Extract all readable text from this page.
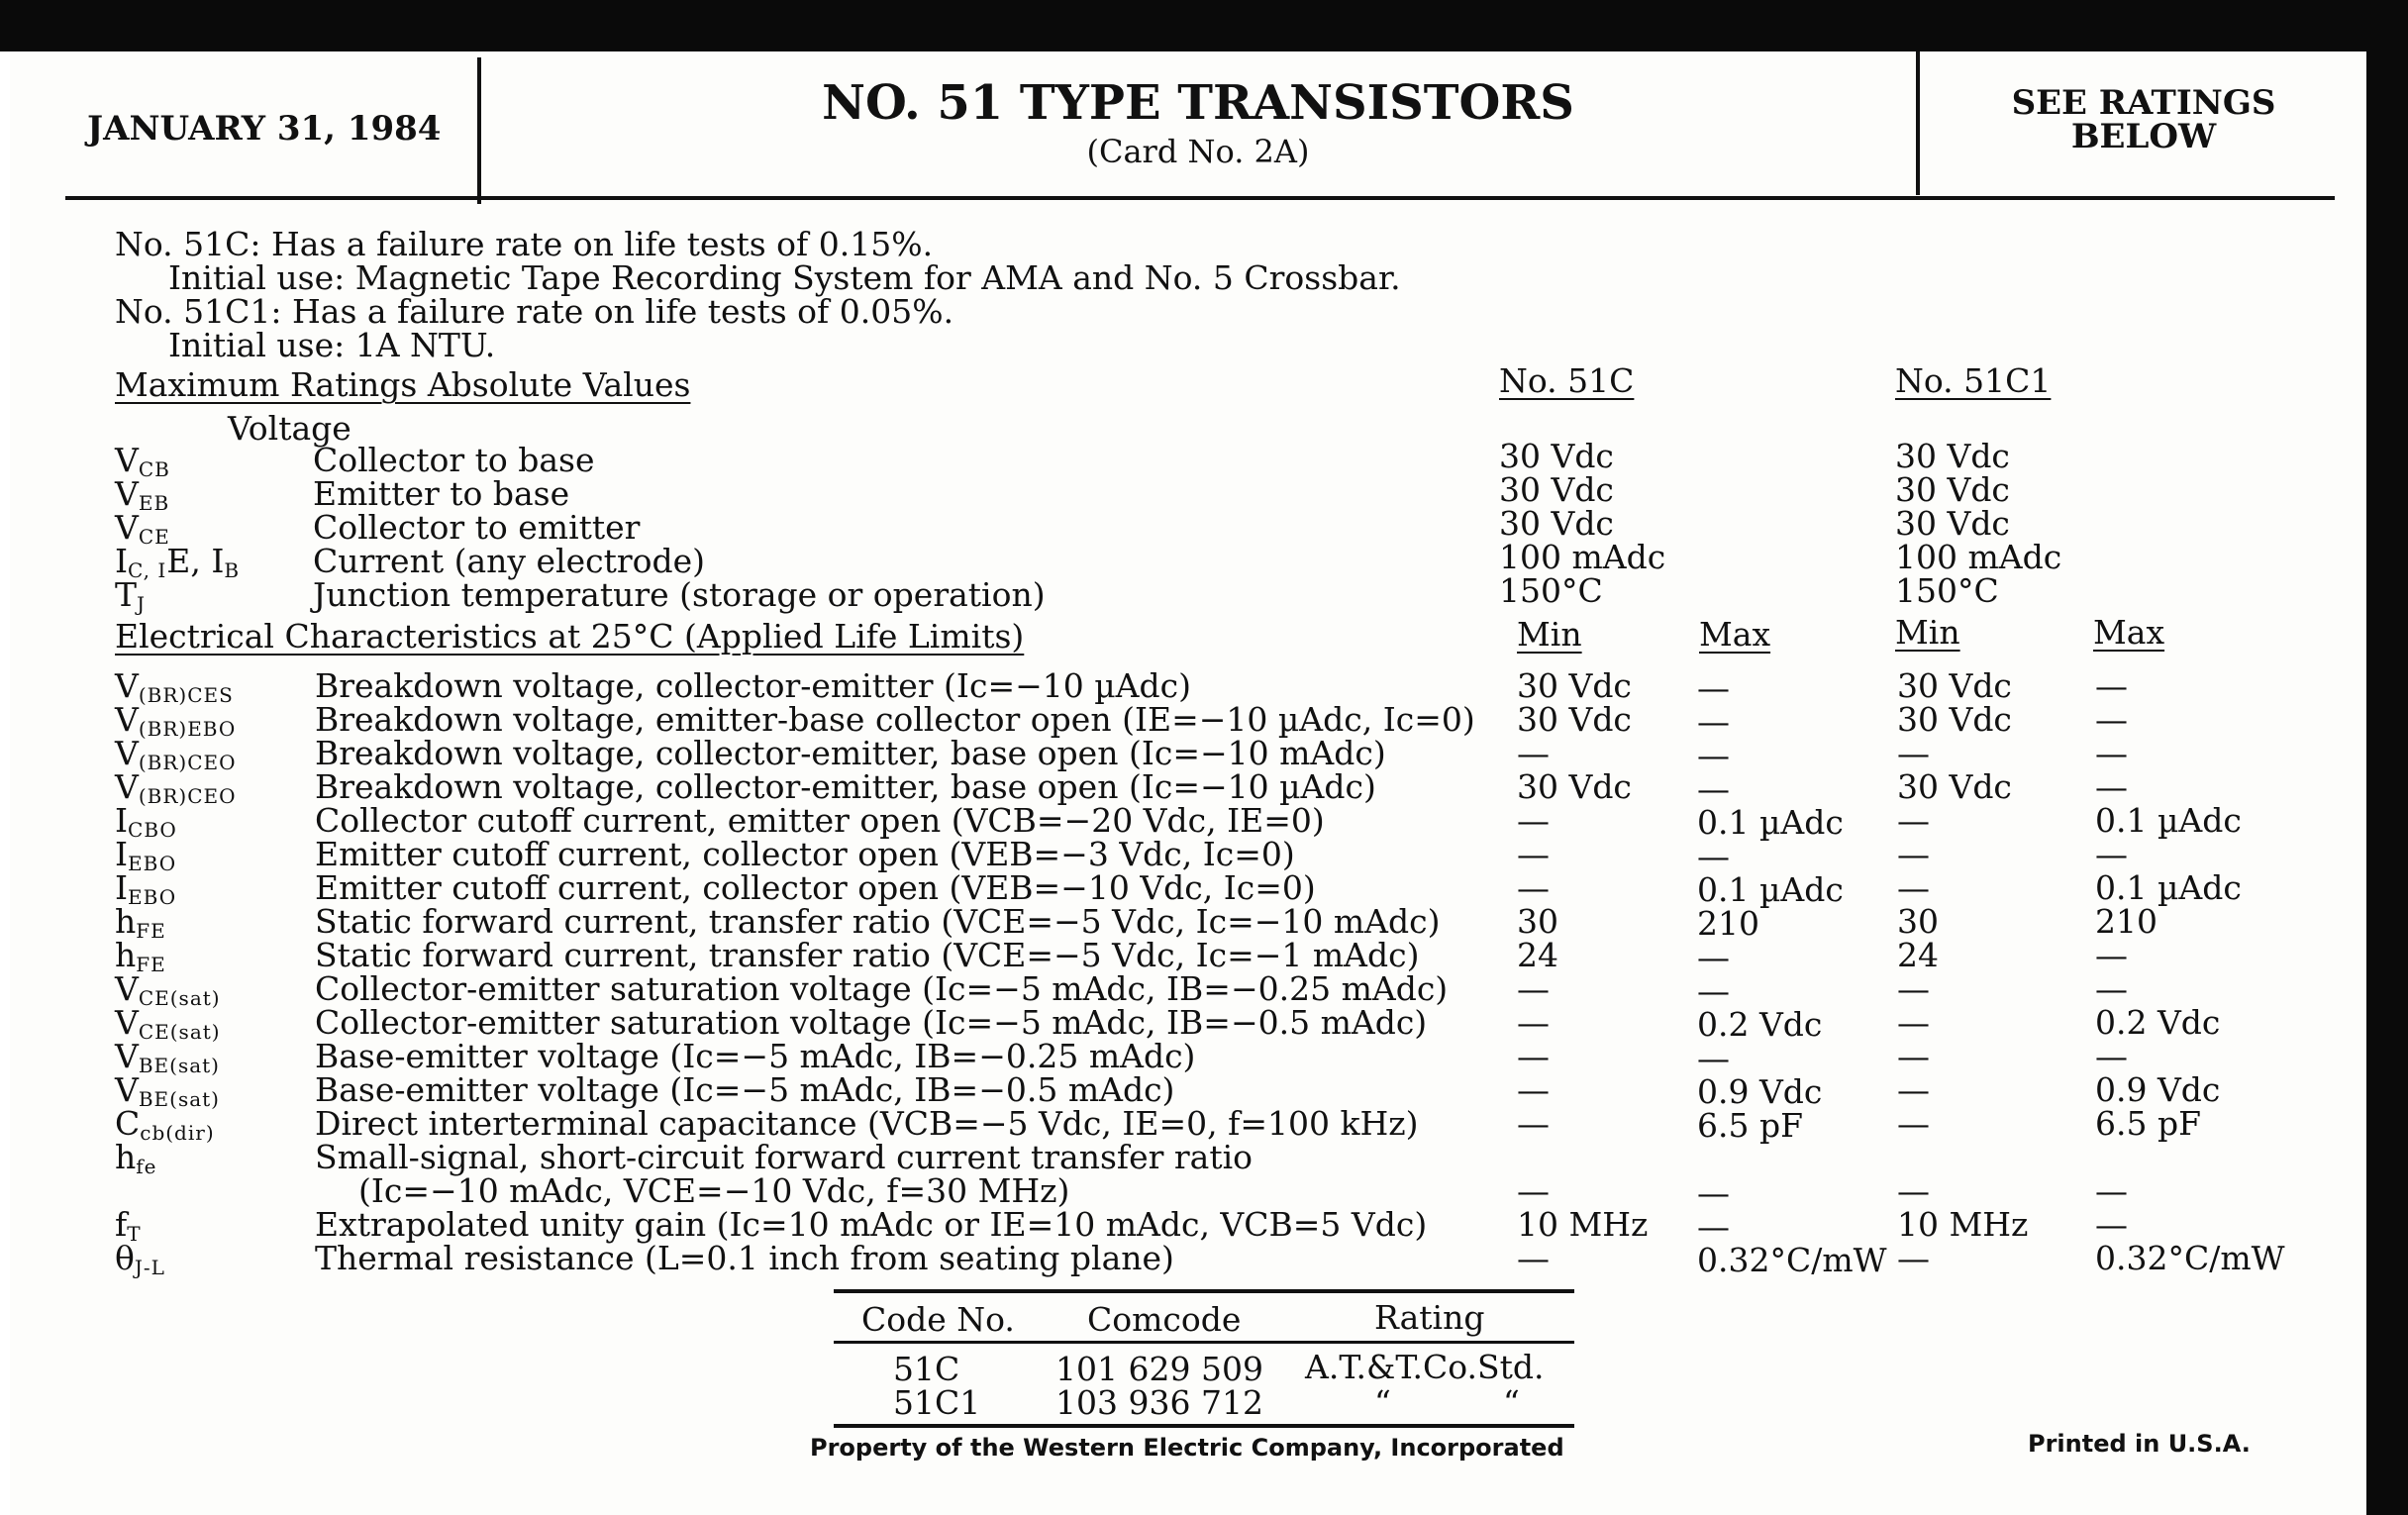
JANUARY 31, 1984	NO. 51 TYPE TRANSISTORS
(Card No. 2A)
SEE RATINGS
BELOW
No. 51C: Has a failure rate on life tests of 0.15%.
Initial use: Magnetic Tape Recording System for AMA and No. 5 Crossbar.
No. 51C1: Has a failure rate on life tests of 0.05%.
Initial use: 1A NTU.
Maximum Ratings Absolute Values	No. 51C	No. 51C1
Voltage
$V_{CB}$	Collector to base	30 Vdc	30 Vdc
$V_{EB}$	Emitter to base	30 Vdc	30 Vdc
$V_{CE}$	Collector to emitter	30 Vdc	30 Vdc
$I_{C, I}E$, $I_B$ Current (any electrode)	100 mAdc	100 mAdc
$T_J$	Junction temperature (storage or operation)	150°C	150°C
Electrical Characteristics at 25°C (Applied Life Limits)	Min	Max	Min	Max
$V_{(BR)CES}$ Breakdown voltage, collector-emitter (Ic=−10 µAdc)	30 Vdc —	30 Vdc	—
$V_{(BR)EBO}$ Breakdown voltage, emitter-base collector open (IE=−10 µAdc, Ic=0) 30 Vdc —	30 Vdc	—
$V_{(BR)CEO}$ Breakdown voltage, collector-emitter, base open (Ic=−10 mAdc)	—	—	—	—
$V_{(BR)CEO}$ Breakdown voltage, collector-emitter, base open (Ic=−10 µAdc)	30 Vdc —	30 Vdc	—
$I_{CBO}$	Collector cutoff current, emitter open (VCB=−20 Vdc, IE=0)	—	0.1 µAdc —	0.1 µAdc
$I_{EBO}$	Emitter cutoff current, collector open (VEB=−3 Vdc, Ic=0)	—	—	—	—
$I_{EBO}$	Emitter cutoff current, collector open (VEB=−10 Vdc, Ic=0)	—	0.1 µAdc —	0.1 µAdc
$h_{FE}$	Static forward current, transfer ratio (VCE=−5 Vdc, Ic=−10 mAdc) 30	210	30	210
$h_{FE}$	Static forward current, transfer ratio (VCE=−5 Vdc, Ic=−1 mAdc)	24	—	24	—
$V_{CE(sat)}$	Collector-emitter saturation voltage (Ic=−5 mAdc, IB=−0.25 mAdc) —	—	—	—
$V_{CE(sat)}$	Collector-emitter saturation voltage (Ic=−5 mAdc, IB=−0.5 mAdc)	—	0.2 Vdc —	0.2 Vdc
$V_{BE(sat)}$	Base-emitter voltage (Ic=−5 mAdc, IB=−0.25 mAdc)	—	—	—	—
$V_{BE(sat)}$	Base-emitter voltage (Ic=−5 mAdc, IB=−0.5 mAdc)	—	0.9 Vdc —	0.9 Vdc
$C_{cb(dir)}$	Direct interterminal capacitance (VCB=−5 Vdc, IE=0, f=100 kHz)	—	6.5 pF	—	6.5 pF
$h_{fe}$	Small-signal, short-circuit forward current transfer ratio
(Ic=−10 mAdc, VCE=−10 Vdc, f=30 MHz)	—	—	—	—
$f_T$	Extrapolated unity gain (Ic=10 mAdc or IE=10 mAdc, VCB=5 Vdc)	10 MHz —	10 MHz —
$\theta_{J-L}$	Thermal resistance (L=0.1 inch from seating plane)	—	0.32°C/mW —	0.32°C/mW
Code No. Comcode	Rating
51C	101 629 509 A.T.&T.Co.Std.
51C1 103 936 712	“	“
Property of the Western Electric Company, Incorporated	Printed in U.S.A.
